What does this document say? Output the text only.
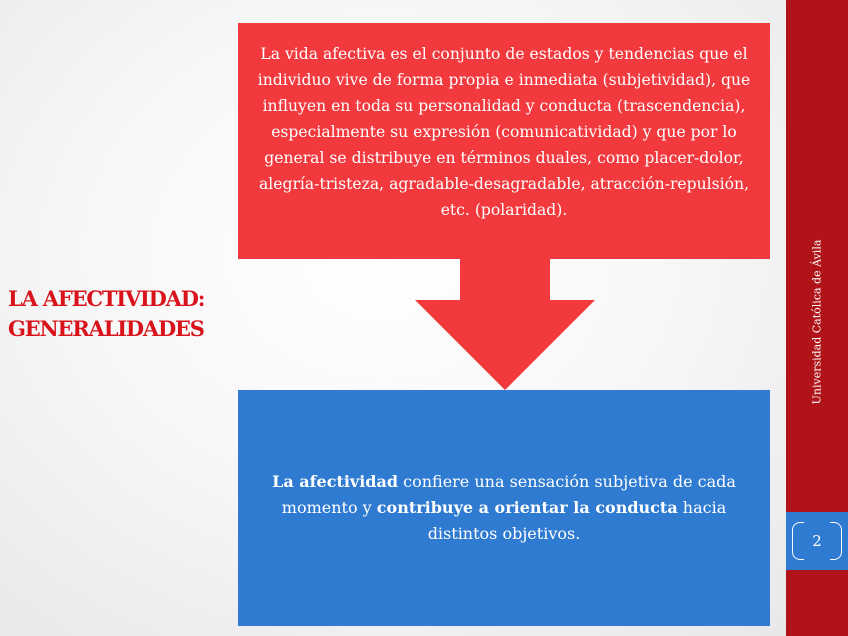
LA AFECTIVIDAD:
GENERALIDADES
La vida afectiva es el conjunto de estados y tendencias que el individuo vive de forma propia e inmediata (subjetividad), que influyen en toda su personalidad y conducta (trascendencia), especialmente su expresión (comunicatividad) y que por lo general se distribuye en términos duales, como placer-dolor, alegría-tristeza, agradable-desagradable, atracción-repulsión, etc. (polaridad).
La afectividad confiere una sensación subjetiva de cada momento y contribuye a orientar la conducta hacia distintos objetivos.
Universidad Católica de Ávila
2
